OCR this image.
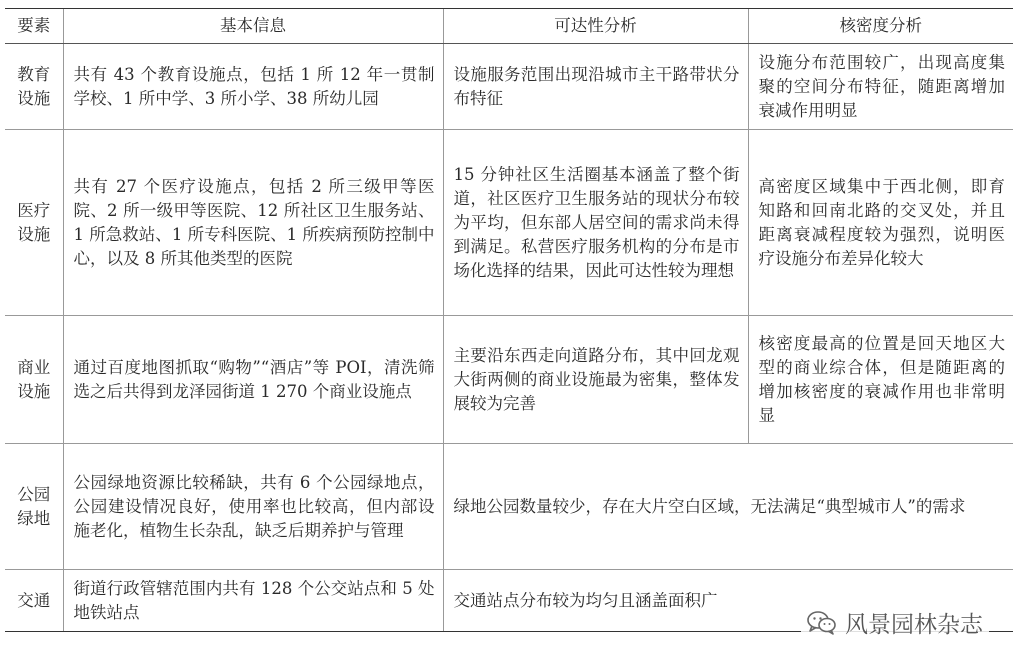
要素	基本信息	可达性分析	核密度分析

教育
设施	共有 43 个教育设施点，包括 1 所 12 年一贯制学校、1 所中学、3 所小学、38 所幼儿园	设施服务范围出现沿城市主干路带状分布特征	设施分布范围较广，出现高度集聚的空间分布特征，随距离增加衰减作用明显

医疗
设施	共有 27 个医疗设施点，包括 2 所三级甲等医院、2 所一级甲等医院、12 所社区卫生服务站、1 所急救站、1 所专科医院、1 所疾病预防控制中心，以及 8 所其他类型的医院	15 分钟社区生活圈基本涵盖了整个街道，社区医疗卫生服务站的现状分布较为平均，但东部人居空间的需求尚未得到满足。私营医疗服务机构的分布是市场化选择的结果，因此可达性较为理想	高密度区域集中于西北侧，即育知路和回南北路的交叉处，并且距离衰减程度较为强烈，说明医疗设施分布差异化较大

商业
设施	通过百度地图抓取“购物”“酒店”等 POI，清洗筛选之后共得到龙泽园街道 1 270 个商业设施点	主要沿东西走向道路分布，其中回龙观大街两侧的商业设施最为密集，整体发展较为完善	核密度最高的位置是回天地区大型的商业综合体，但是随距离的增加核密度的衰减作用也非常明显

公园
绿地	公园绿地资源比较稀缺，共有 6 个公园绿地点，公园建设情况良好，使用率也比较高，但内部设施老化，植物生长杂乱，缺乏后期养护与管理	绿地公园数量较少，存在大片空白区域，无法满足“典型城市人”的需求	

交通	街道行政管辖范围内共有 128 个公交站点和 5 处地铁站点	交通站点分布较为均匀且涵盖面积广	
风景园林杂志
